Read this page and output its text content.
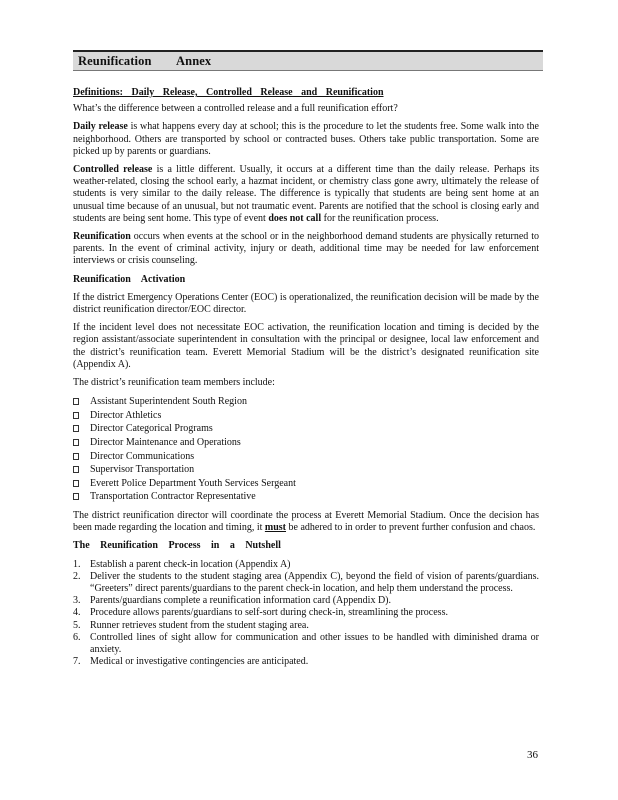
Reunification Annex

Definitions: Daily Release, Controlled Release and Reunification

What’s the difference between a controlled release and a full reunification effort?

Daily release is what happens every day at school; this is the procedure to let the students free. Some walk into the neighborhood. Others are transported by school or contracted buses. Others take public transportation. Some are picked up by parents or guardians.

Controlled release is a little different. Usually, it occurs at a different time than the daily release. Perhaps its weather-related, closing the school early, a hazmat incident, or chemistry class gone awry, ultimately the release of students is very similar to the daily release. The difference is typically that students are being sent home at an unusual time because of an unusual, but not traumatic event. Parents are notified that the school is closing early and students are being sent home. This type of event does not call for the reunification process.

Reunification occurs when events at the school or in the neighborhood demand students are physically returned to parents. In the event of criminal activity, injury or death, additional time may be needed for law enforcement interviews or crisis counseling.

Reunification Activation

If the district Emergency Operations Center (EOC) is operationalized, the reunification decision will be made by the district reunification director/EOC director.

If the incident level does not necessitate EOC activation, the reunification location and timing is decided by the region assistant/associate superintendent in consultation with the principal or designee, local law enforcement and the district’s reunification team. Everett Memorial Stadium will be the district’s designated reunification site (Appendix A).

The district’s reunification team members include:

Assistant Superintendent South Region
Director Athletics
Director Categorical Programs
Director Maintenance and Operations
Director Communications
Supervisor Transportation
Everett Police Department Youth Services Sergeant
Transportation Contractor Representative

The district reunification director will coordinate the process at Everett Memorial Stadium. Once the decision has been made regarding the location and timing, it must be adhered to in order to prevent further confusion and chaos.

The Reunification Process in a Nutshell

1. Establish a parent check-in location (Appendix A)
2. Deliver the students to the student staging area (Appendix C), beyond the field of vision of parents/guardians. “Greeters” direct parents/guardians to the parent check-in location, and help them understand the process.
3. Parents/guardians complete a reunification information card (Appendix D).
4. Procedure allows parents/guardians to self-sort during check-in, streamlining the process.
5. Runner retrieves student from the student staging area.
6. Controlled lines of sight allow for communication and other issues to be handled with diminished drama or anxiety.
7. Medical or investigative contingencies are anticipated.
36
